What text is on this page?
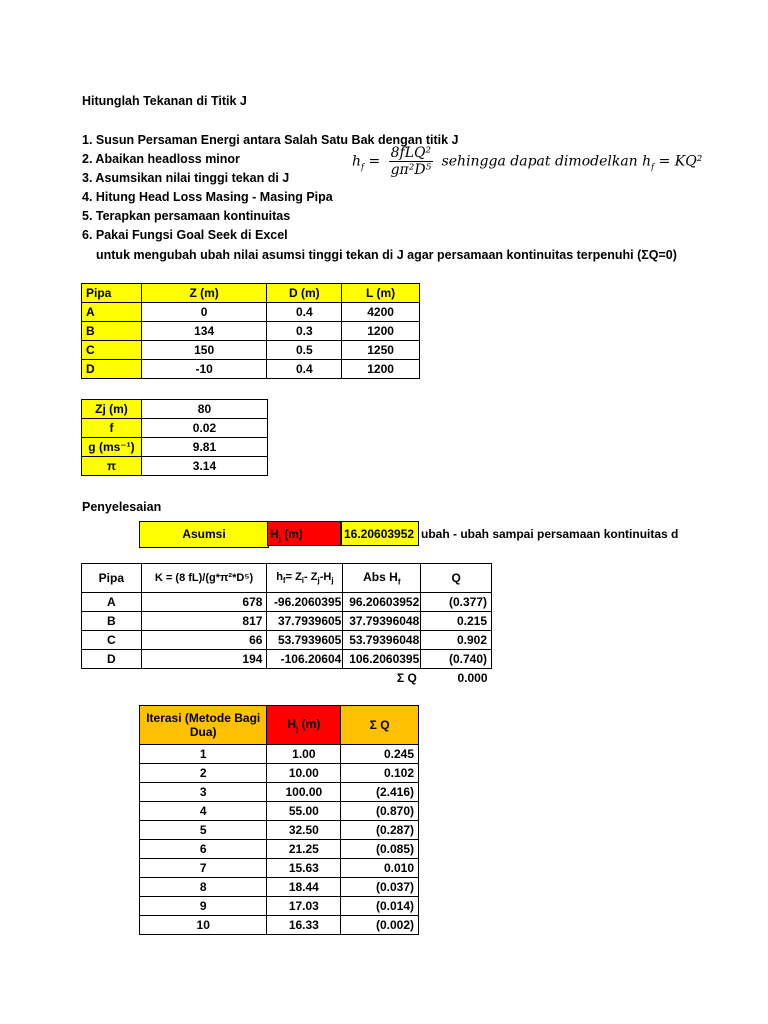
Hitunglah Tekanan di Titik J
1. Susun Persaman Energi antara Salah Satu Bak dengan titik J
2. Abaikan headloss minor
3. Asumsikan nilai tinggi tekan di J
4. Hitung Head Loss Masing - Masing Pipa
5. Terapkan persamaan kontinuitas
6. Pakai Fungsi Goal Seek di Excel
untuk mengubah ubah nilai asumsi tinggi tekan di J agar persamaan kontinuitas terpenuhi (ΣQ=0)
$h_f = \frac{\text{8fLQ²}}{\text{gπ²D⁵}}$ sehingga dapat dimodelkan $h_f = KQ^2$
Pipa	Z (m)	D (m)	L (m)
A	0	0.4	4200
B	134	0.3	1200
C	150	0.5	1250
D	-10	0.4	1200
Zj (m)	80
f	0.02
g (ms⁻¹)	9.81
π	3.14
Penyelesaian
Asumsi	$H_j$ (m)	16.20603952 ubah - ubah sampai persamaan kontinuitas d
Pipa	K = (8 fL)/(g*π²*D⁵)	$h_f= Z_i-$ $Z_j-H_j$	Abs $H_f$	Q
A	678	-96.2060395	96.20603952	(0.377)
B	817	37.7939605	37.79396048	0.215
C	66	53.7939605	53.79396048	0.902
D	194	-106.20604	106.2060395	(0.740)
			Σ Q	0.000
Iterasi (Metode Bagi Dua)	$H_j$ (m)	Σ Q
1	1.00	0.245
2	10.00	0.102
3	100.00	(2.416)
4	55.00	(0.870)
5	32.50	(0.287)
6	21.25	(0.085)
7	15.63	0.010
8	18.44	(0.037)
9	17.03	(0.014)
10	16.33	(0.002)
